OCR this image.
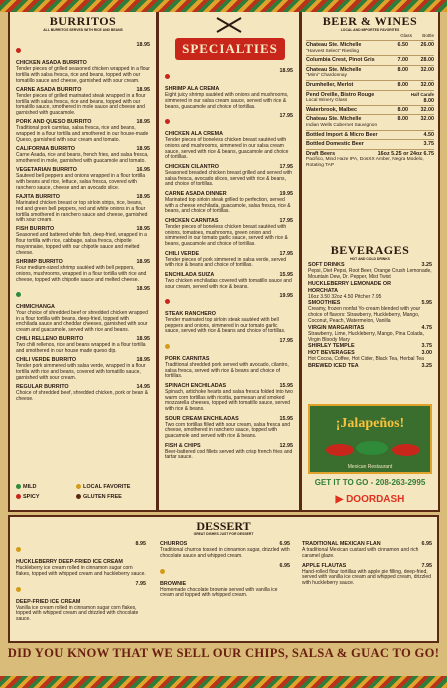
BURRITOS
ALL BURRITOS SERVED WITH RICE AND BEANS
CHICKEN ASADA BURRITO
18.95
Tender pieces of grilled seasoned chicken wrapped in a flour tortilla with salsa fresca, rice and beans, topped with our tomatillo sauce and cheese, garnished with sour cream.
CARNE ASADA BURRITO	18.95
Tender pieces of grilled marinated steak wrapped in a flour tortilla with salsa fresca, rice and beans, topped with our tomatillo sauce, smothered in mole sauce and cheese and garnished with guacamole.
PORK AND QUESO BURRITO	18.95
Traditional pork carnitas, salsa fresca, rice and beans, wrapped in a flour tortilla and smothered in our house-made Queso, garnished with sour cream and tomato.
CALIFORNIA BURRITO	18.95
Carne Asada, rice and beans, french fries, and salsa fresca, smothered in mole, garnished with guacamole and tomato.
VEGETARIAN BURRITO	16.95
Sauteed bell peppers and onions wrapped in a flour tortilla with beans and rice, lettuce, salsa fresca, covered with ranchero sauce, cheese and an avocado slice.
FAJITA BURRITO	18.95
Marinated chicken breast or top sirloin strips, rice, beans, red and green bell peppers, red and white onions in a flour tortilla smothered in ranchero sauce and cheese, garnished with sour cream.
FISH BURRITO	18.95
Seasoned and battered white fish, deep-fried, wrapped in a flour tortilla with rice, cabbage, salsa fresca, chipotle mayonnaise, topped with our chipotle sauce and melted cheese.
SHRIMP BURRITO	18.95
Four medium-sized shrimp sautéed with bell peppers, onions, mushrooms, wrapped in a flour tortilla with rice and cheese, topped with chipotle sauce and melted cheese.
CHIMICHANGA
18.95
Your choice of shredded beef or shredded chicken wrapped in a flour tortilla with beans, deep-fried, topped with enchilada sauce and cheddar cheeses, garnished with sour cream and guacamole, served with rice and beans.
CHILI RELLENO BURRITO	18.95
Two chili rellenos, rice and beans wrapped in a flour tortilla and smothered in our house made queso dip.
CHILI VERDE BURRITO	18.95
Tender pork simmered with salsa verde, wrapped in a flour tortilla with rice and beans, covered with tomatillo sauce, garnished with sour cream.
REGULAR BURRITO	14.95
Choice of shredded beef, shredded chicken, pork or bean & cheese.
MILD
SPICY
LOCAL FAVORITE
GLUTEN FREE
SPECIALTIES
SHRIMP ALA CREMA
18.95
Eight juicy shrimp sautéed with onions and mushrooms, simmered in our salsa cream sauce, served with rice & beans, guacamole and choice of tortillas.
CHICKEN ALA CREMA
17.95
Tender pieces of boneless chicken breast sautéed with onions and mushrooms, simmered in our salsa cream sauce, served with rice & beans, guacamole and choice of tortillas.
CHICKEN CILANTRO	17.95
Seasoned breaded chicken breast grilled and served with salsa fresca, avocado slices, served with rice & beans, and choice of tortillas.
CARNE ASADA DINNER	19.95
Marinated top sirloin steak grilled to perfection, served with a cheese enchilada, guacamole, salsa fresca, rice & beans, and choice of tortillas.
CHICKEN CARNITAS	17.95
Tender pieces of boneless chicken breast sautéed with onions, tomatoes, mushrooms, green onion and simmered in our tomato garlic sauce, served with rice & beans, guacamole and choice of tortillas.
CHILI VERDE	17.95
Tender pieces of pork simmered in salsa verde, served with rice & beans and choice of tortillas.
ENCHILADA SUIZA	15.95
Two chicken enchiladas covered with tomatillo sauce and sour cream, served with rice & beans.
STEAK RANCHERO
19.95
Tender marinated top sirloin steak sautéed with bell peppers and onions, simmered in our tomato garlic sauce, served with rice & beans and choice of tortillas.
PORK CARNITAS
17.95
Traditional shredded pork served with avocado, cilantro, salsa fresca, served with rice & beans and choice of tortillas.
SPINACH ENCHILADAS	15.95
Spinach, artichoke hearts and salsa fresca folded into two warm corn tortillas with ricotta, parmesan and smoked mozzarella cheeses, topped with tomatillo sauce, served with rice & beans.
SOUR CREAM ENCHILADAS	15.95
Two corn tortillas filled with sour cream, salsa fresca and cheese, smothered in ranchero sauce, topped with guacamole and served with rice & beans.
FISH & CHIPS	12.95
Beer-battered cod fillets served with crisp french fries and tartar sauce.
BEER & WINES
LOCAL AND IMPORTED FAVORITES
Glass Bottle
Chateau Ste. Michelle	6.50 26.00
"Harvest Select" Riesling
Columbia Crest, Pinot Gris	7.00 28.00
Chateau Ste. Michelle	8.00 32.00
"Mimi" Chardonnay
Drumheller, Merlot	8.00 32.00
Pend Oreille, Bistro Rouge	Half Carafe
8.00
Local Winery Glass
Waterbrook, Malbec	8.00 32.00
Chateau Ste. Michelle	8.00 32.00
Indian Wells Cabernet Sauvignon
Bottled Import & Micro Beer	4.50
Bottled Domestic Beer	3.75
Draft Beers	16oz 5.25 or 24oz 6.75
Pacifico, Mind Haze IPA, DosXX Amber, Negra Modelo, Rotating TAP
BEVERAGES
HOT AND COLD DRINKS
SOFT DRINKS	3.25
Pepsi, Diet Pepsi, Root Beer, Orange Crush Lemonade, Mountain Dew, Dr. Pepper, Mist Twist
HUCKLEBERRY LEMONADE OR HORCHATA
16oz 3.50 32oz 4.50 Pitcher 7.95
SMOOTHIES	5.95
Creamy, frozen nonfat Yo-cream blended with your choice of flavors: Strawberry, Huckleberry, Mango, Coconut, Peach, Watermelon, Vanilla
VIRGIN MARGARITAS	4.75
Strawberry, Lime, Huckleberry, Mango, Pina Colada, Virgin Bloody Mary
SHIRLEY TEMPLE	3.75
HOT BEVERAGES	3.00
Hot Cocoa, Coffee, Hot Cider, Black Tea, Herbal Tea
BREWED ICED TEA	3.25
¡Jalapeños!
Mexican Restaurant
GET IT TO GO - 208-263-2995
▶ DOORDASH
DESSERT
GREAT DISHES JUST FOR DESSERT
HUCKLEBERRY DEEP-FRIED ICE CREAM
8.95
Huckleberry ice cream rolled in cinnamon sugar corn flakes, topped with whipped cream and huckleberry sauce.
DEEP-FRIED ICE CREAM
7.95
Vanilla ice cream rolled in cinnamon sugar corn flakes, topped with whipped cream and drizzled with chocolate sauce.
CHURROS	6.95
Traditional churros tossed in cinnamon sugar, drizzled with chocolate sauce and whipped cream.
BROWNIE
6.95
Homemade chocolate brownie served with vanilla ice cream and topped with whipped cream.
TRADITIONAL MEXICAN FLAN	6.95
A traditional Mexican custard with cinnamon and rich caramel glaze.
APPLE FLAUTAS	7.95
Hand-rolled flour tortillas with apple pie filling, deep-fried, served with vanilla ice cream and whipped cream, drizzled with huckleberry sauce.
DID YOU KNOW THAT WE SELL OUR CHIPS, SALSA & GUAC TO GO!
